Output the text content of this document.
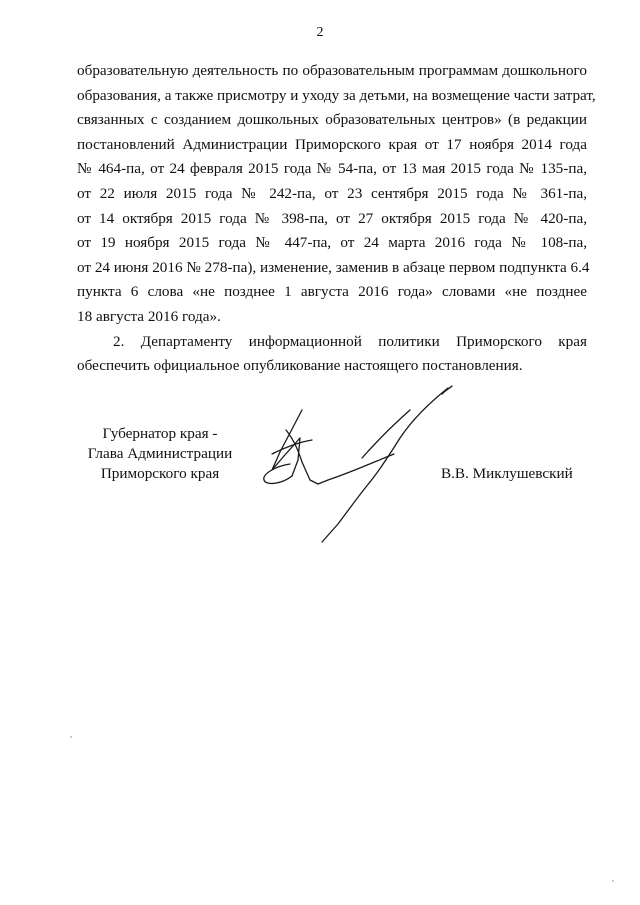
2
образовательную деятельность по образовательным программам дошкольного
образования, а также присмотру и уходу за детьми, на возмещение части затрат,
связанных с созданием дошкольных образовательных центров» (в редакции
постановлений Администрации Приморского края от 17 ноября 2014 года
№ 464-па, от 24 февраля 2015 года № 54-па, от 13 мая 2015 года № 135-па,
от 22 июля 2015 года № 242-па, от 23 сентября 2015 года № 361-па,
от 14 октября 2015 года № 398-па, от 27 октября 2015 года № 420-па,
от 19 ноября 2015 года № 447-па, от 24 марта 2016 года № 108-па,
от 24 июня 2016 № 278-па), изменение, заменив в абзаце первом подпункта 6.4
пункта 6 слова «не позднее 1 августа 2016 года» словами «не позднее
18 августа 2016 года».
2. Департаменту информационной политики Приморского края
обеспечить официальное опубликование настоящего постановления.
Губернатор края -
Глава Администрации
Приморского края	В.В. Миклушевский
